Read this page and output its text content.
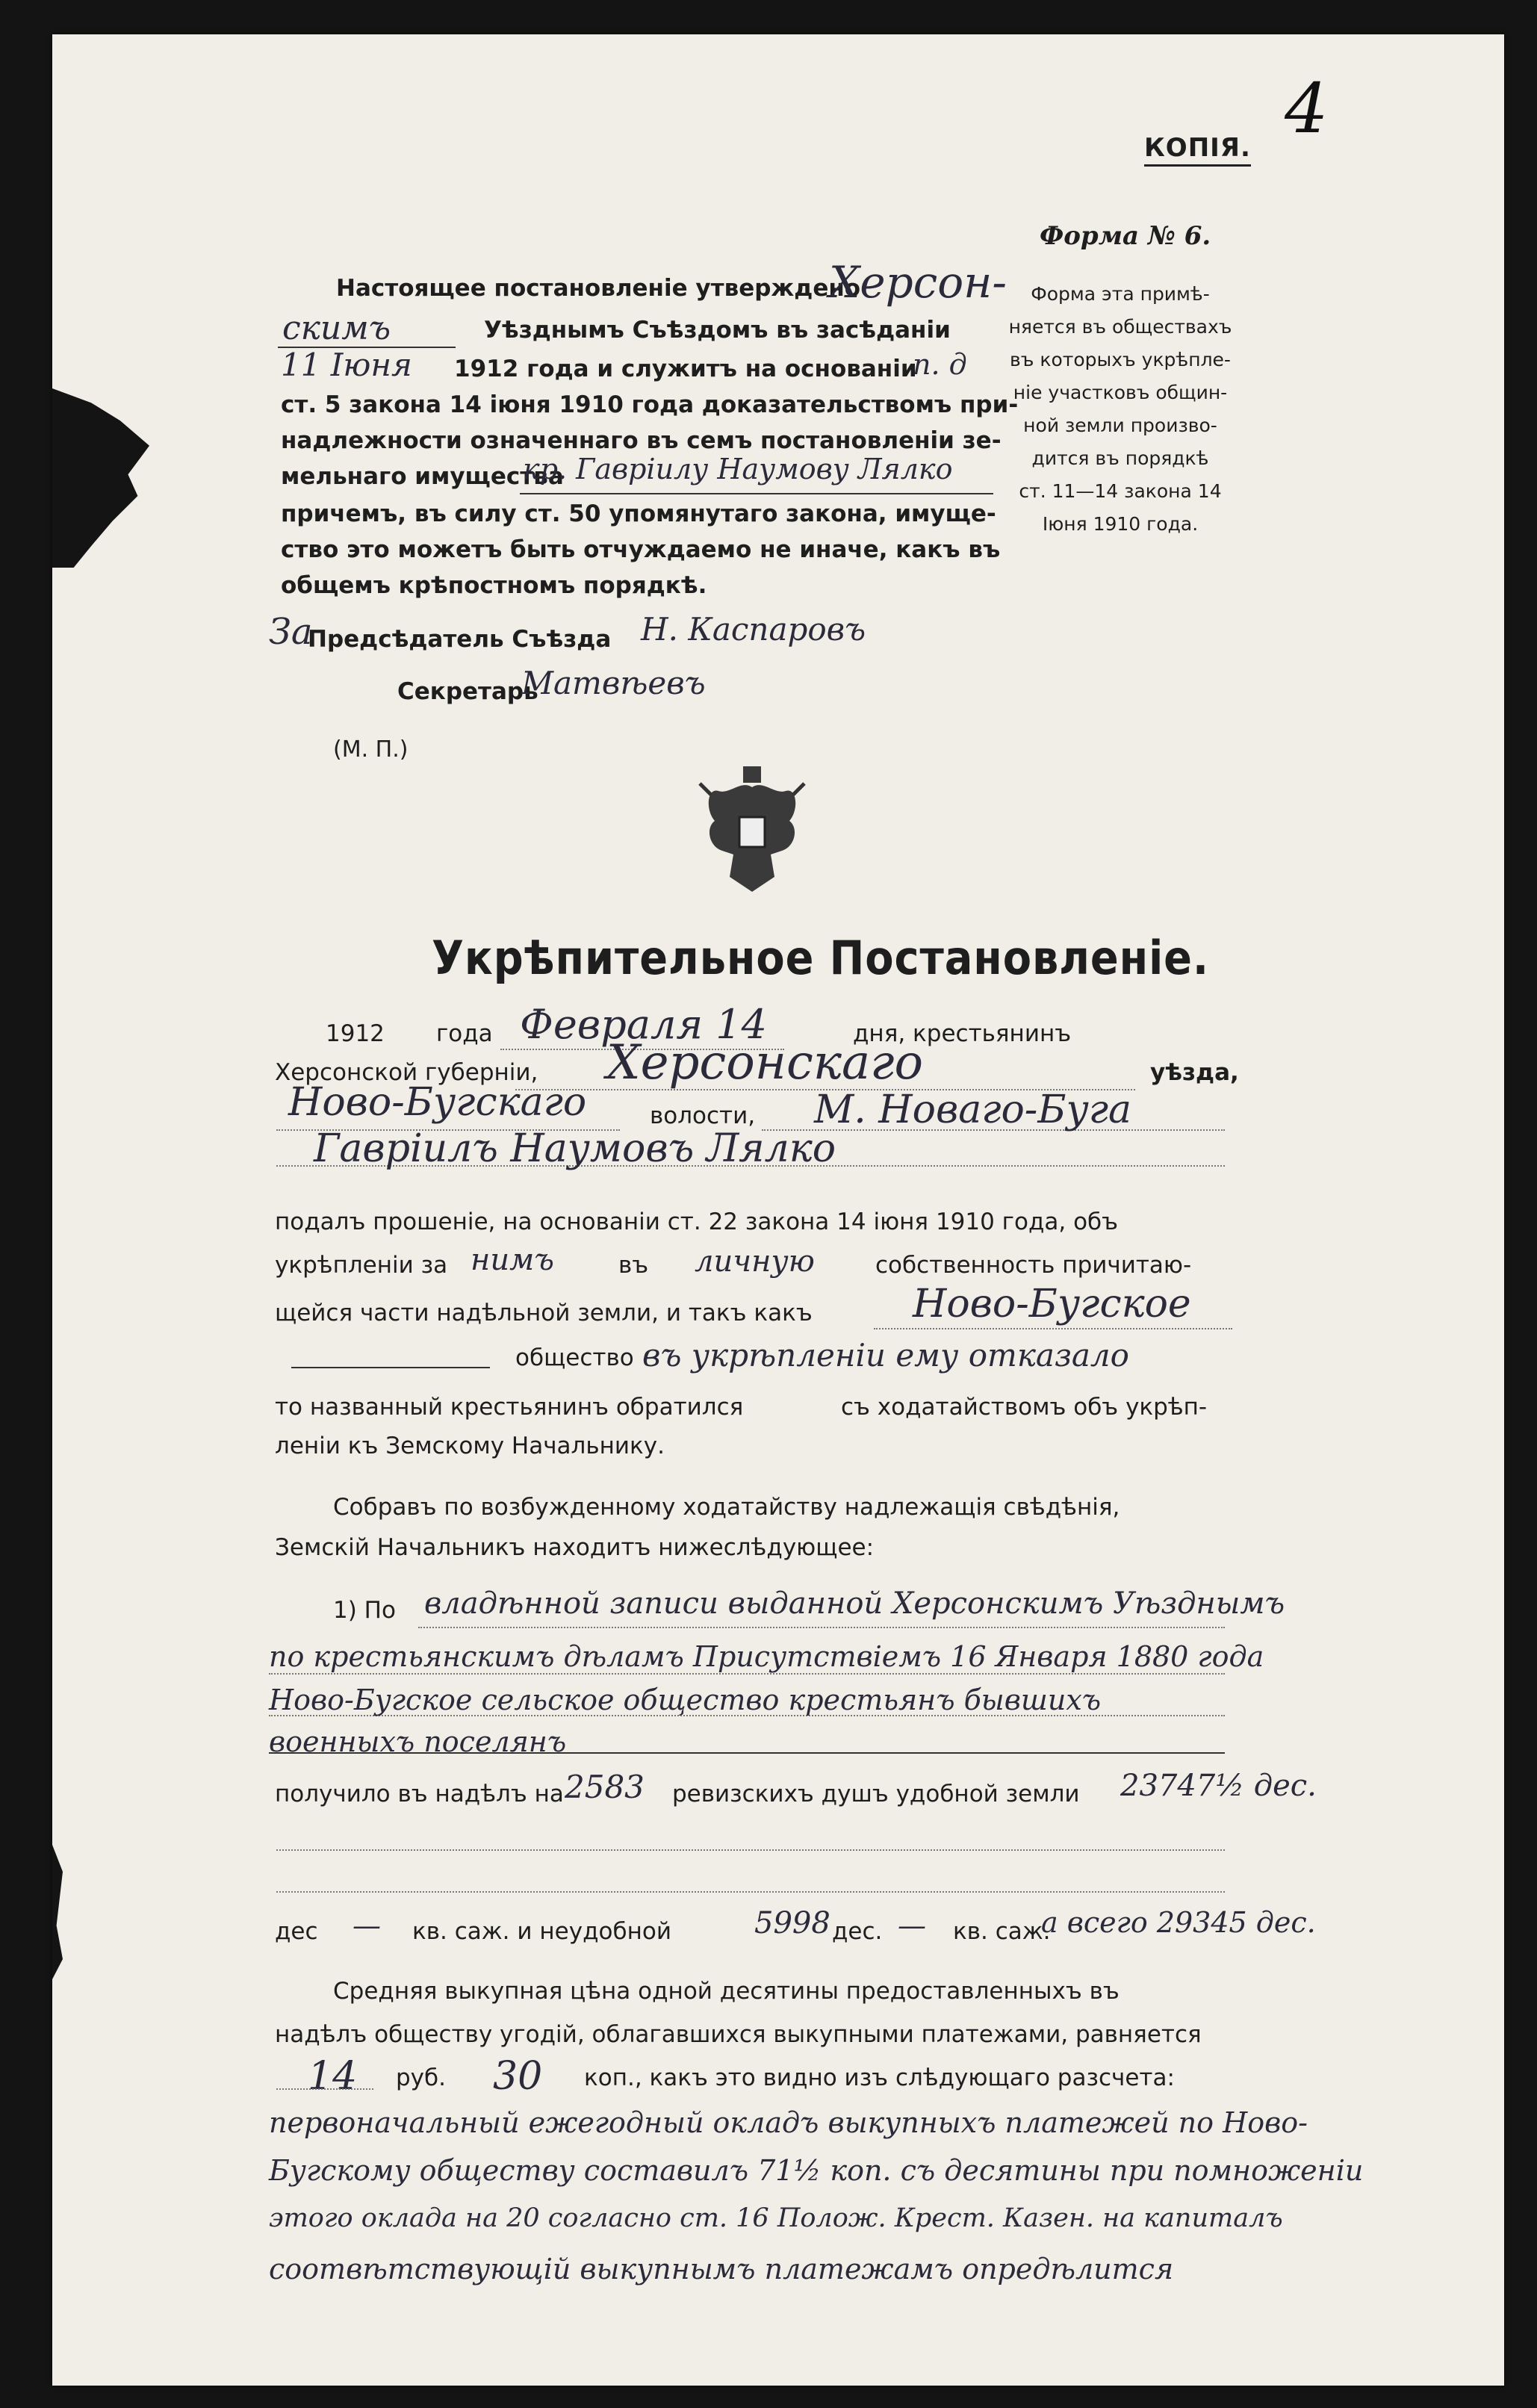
КОПІЯ. 4
Форма № 6.
Форма эта примѣ-
няется въ обществахъ
въ которыхъ укрѣпле-
ніе участковъ общин-
ной земли произво-
дится въ порядкѣ
ст. 11—14 закона 14
Іюня 1910 года.
Настоящее постановленіе утверждено
Херсон-
скимъ	Уѣзднымъ Съѣздомъ въ засѣданіи
11 Іюня 1912 года и служитъ на основаніи
п. д
ст. 5 закона 14 іюня 1910 года доказательствомъ при-
надлежности означеннаго въ семъ постановленіи зе-
мельнаго имущества
кр. Гавріилу Наумову Лялко
причемъ, въ силу ст. 50 упомянутаго закона, имуще-
ство это можетъ быть отчуждаемо не иначе, какъ въ
общемъ крѣпостномъ порядкѣ.
За
Предсѣдатель Съѣзда Н. Каспаровъ
Секретарь
Матвѣевъ
(М. П.)
Укрѣпительное Постановленіе.
1912 года Февраля 14	дня, крестьянинъ
Херсонской губерніи, Херсонскаго	уѣзда,
Ново-Бугскаго	волости, М. Новаго-Буга
Гавріилъ Наумовъ Лялко
подалъ прошеніе, на основаніи ст. 22 закона 14 іюня 1910 года, объ
укрѣпленіи за нимъ	въ личную	собственность причитаю-
щейся части надѣльной земли, и такъ какъ	Ново-Бугское
общество въ укрѣпленіи ему отказало
то названный крестьянинъ обратился	съ ходатайствомъ объ укрѣп-
леніи къ Земскому Начальнику.
Собравъ по возбужденному ходатайству надлежащія свѣдѣнія,
Земскій Начальникъ находитъ нижеслѣдующее:
1) По владѣнной записи выданной Херсонскимъ Уѣзднымъ
по крестьянскимъ дѣламъ Присутствіемъ 16 Января 1880 года
Ново-Бугское сельское общество крестьянъ бывшихъ
военныхъ поселянъ
получило въ надѣлъ на 2583 ревизскихъ душъ удобной земли 23747½ дес.
дес — кв. саж. и неудобной	5998 дес. — кв. саж.
а всего 29345 дес.
Средняя выкупная цѣна одной десятины предоставленныхъ въ
надѣлъ обществу угодій, облагавшихся выкупными платежами, равняется
14 руб. 30 коп., какъ это видно изъ слѣдующаго разсчета:
первоначальный ежегодный окладъ выкупныхъ платежей по Ново-
Бугскому обществу составилъ 71½ коп. съ десятины при помноженіи
этого оклада на 20 согласно ст. 16 Полож. Крест. Казен. на капиталъ
соотвѣтствующій выкупнымъ платежамъ опредѣлится
